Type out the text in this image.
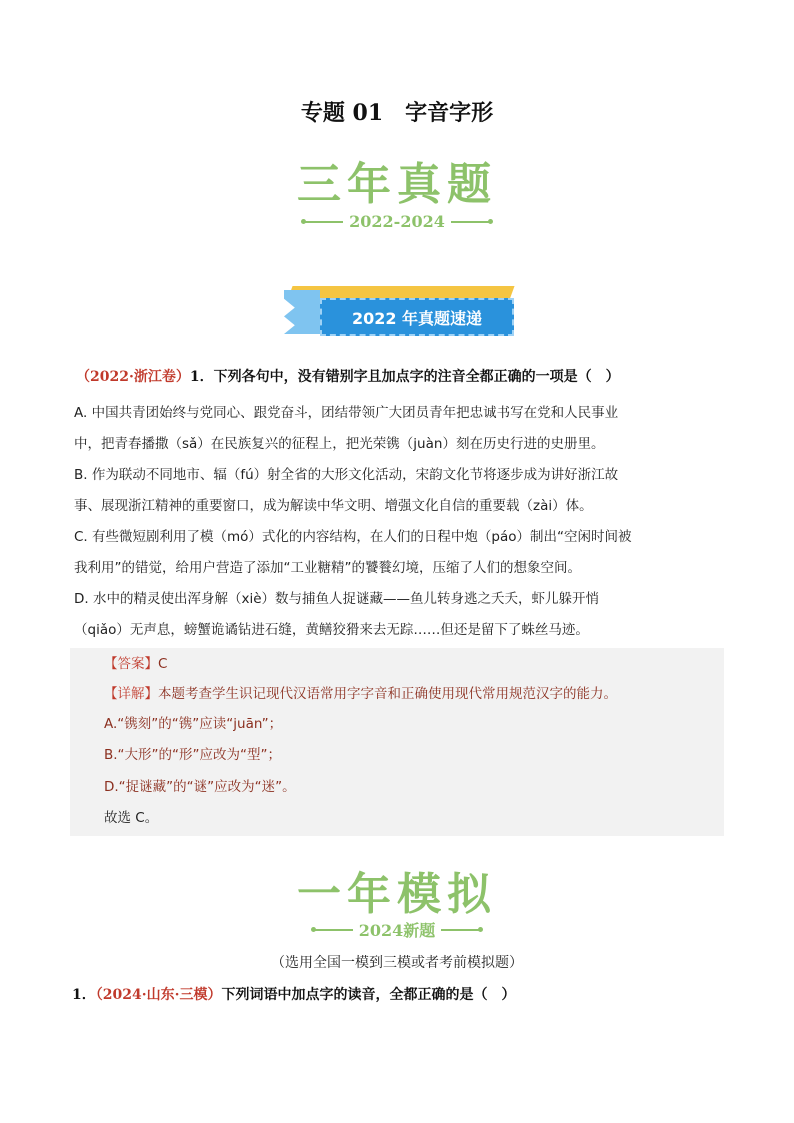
专题 01　字音字形
三年真题
2022-2024
2022 年真题速递
（2022·浙江卷）1．下列各句中，没有错别字且加点字的注音全都正确的一项是（　）
A. 中国共青团始终与党同心、跟党奋斗，团结带领广大团员青年把忠诚书写在党和人民事业
中，把青春播撒（sǎ）在民族复兴的征程上，把光荣镌（juàn）刻在历史行进的史册里。
B. 作为联动不同地市、辐（fú）射全省的大形文化活动，宋韵文化节将逐步成为讲好浙江故
事、展现浙江精神的重要窗口，成为解读中华文明、增强文化自信的重要载（zài）体。
C. 有些微短剧利用了模（mó）式化的内容结构，在人们的日程中炮（páo）制出“空闲时间被
我利用”的错觉，给用户营造了添加“工业糖精”的饕餮幻境，压缩了人们的想象空间。
D. 水中的精灵使出浑身解（xiè）数与捕鱼人捉谜藏——鱼儿转身逃之夭夭，虾儿躲开悄
（qiǎo）无声息，螃蟹诡谲钻进石缝，黄鳝狡猾来去无踪……但还是留下了蛛丝马迹。
【答案】C
【详解】本题考查学生识记现代汉语常用字字音和正确使用现代常用规范汉字的能力。
A.“镌刻”的“镌”应读“juān”；
B.“大形”的“形”应改为“型”；
D.“捉谜藏”的“谜”应改为“迷”。
故选 C。
一年模拟
2024新题
（选用全国一模到三模或者考前模拟题）
1．（2024·山东·三模）下列词语中加点字的读音，全都正确的是（　）
